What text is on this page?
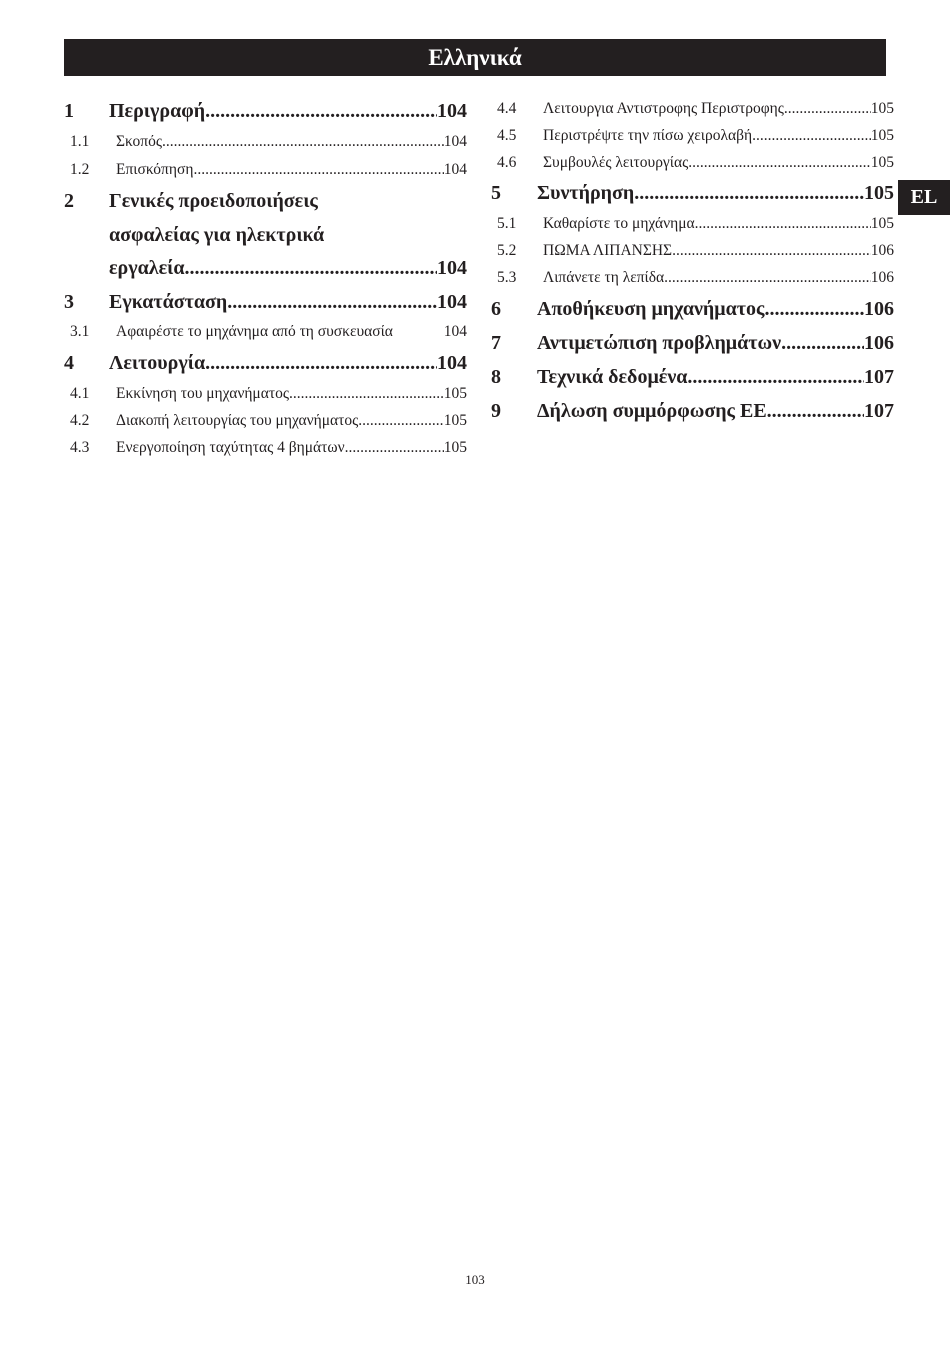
Ελληνικά
EL
1	Περιγραφή .....	104
1.1	Σκοπός .....	104
1.2	Επισκόπηση .....	104
2	Γενικές προειδοποιήσεις
ασφαλείας για ηλεκτρικά
εργαλεία .....	104
3	Εγκατάσταση .....	104
3.1	Αφαιρέστε το μηχάνημα από τη συσκευασία	104
4	Λειτουργία .....	104
4.1	Εκκίνηση του μηχανήματος .....	105
4.2	Διακοπή λειτουργίας του μηχανήματος .....	105
4.3	Ενεργοποίηση ταχύτητας 4 βημάτων .....	105
4.4	Λειτουργια Αντιστροφης Περιστροφης .....	105
4.5	Περιστρέψτε την πίσω χειρολαβή .....	105
4.6	Συμβουλές λειτουργίας .....	105
5	Συντήρηση .....	105
5.1	Καθαρίστε το μηχάνημα .....	105
5.2	ΠΩΜΑ ΛΙΠΑΝΣΗΣ .....	106
5.3	Λιπάνετε τη λεπίδα .....	106
6	Αποθήκευση μηχανήματος .....	106
7	Αντιμετώπιση προβλημάτων .....	106
8	Τεχνικά δεδομένα .....	107
9	Δήλωση συμμόρφωσης ΕΕ .....	107
103
